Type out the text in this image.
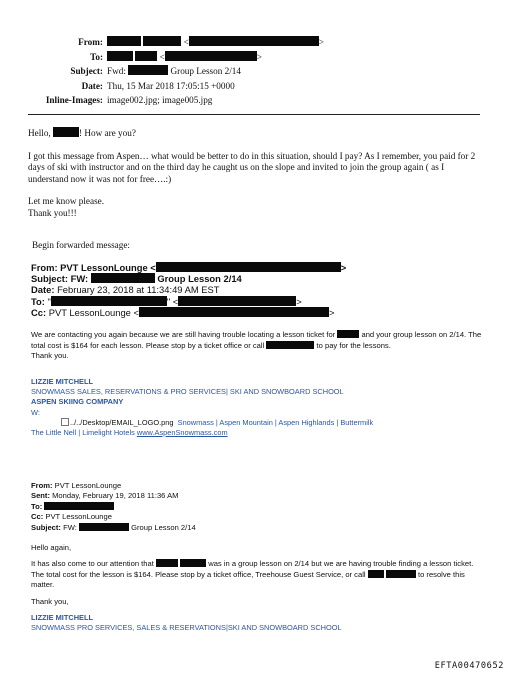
From:	<	>
To:	<	>
Subject: Fwd:	Group Lesson 2/14
Date: Thu, 15 Mar 2018 17:05:15 +0000
Inline-Images: image002.jpg; image005.jpg

Hello,	! How are you?

I got this message from Aspen… what would be better to do in this situation, should I pay? As I remember, you paid for 2 days of ski with instructor and on the third day he caught us on the slope and invited to join the group again ( as I understand now it was not for free….:)

Let me know please.
Thank you!!!

Begin forwarded message:
From: PVT LessonLounge <	>
Subject: FW:	Group Lesson 2/14
Date: February 23, 2018 at 11:34:49 AM EST
To: "	" <	>
Cc: PVT LessonLounge <	>

We are contacting you again because we are still having trouble locating a lesson ticket for	and your group lesson on 2/14. The total cost is $164 for each lesson. Please stop by a ticket office or call	to pay for the lessons.

Thank you.

LIZZIE MITCHELL
SNOWMASS SALES, RESERVATIONS & PRO SERVICES| SKI AND SNOWBOARD SCHOOL
ASPEN SKIING COMPANY
W:
../../Desktop/EMAIL_LOGO.png Snowmass | Aspen Mountain | Aspen Highlands | Buttermilk
The Little Nell | Limelight Hotels www.AspenSnowmass.com
From: PVT LessonLounge
Sent: Monday, February 19, 2018 11:36 AM
To:
Cc: PVT LessonLounge
Subject: FW:	Group Lesson 2/14

Hello again,

It has also come to our attention that	was in a group lesson on 2/14 but we are having trouble finding a lesson ticket. The total cost for the lesson is $164. Please stop by a ticket office, Treehouse Guest Service, or call	to resolve this matter.

Thank you,

LIZZIE MITCHELL
SNOWMASS PRO SERVICES, SALES & RESERVATIONS|SKI AND SNOWBOARD SCHOOL
EFTA00470652
